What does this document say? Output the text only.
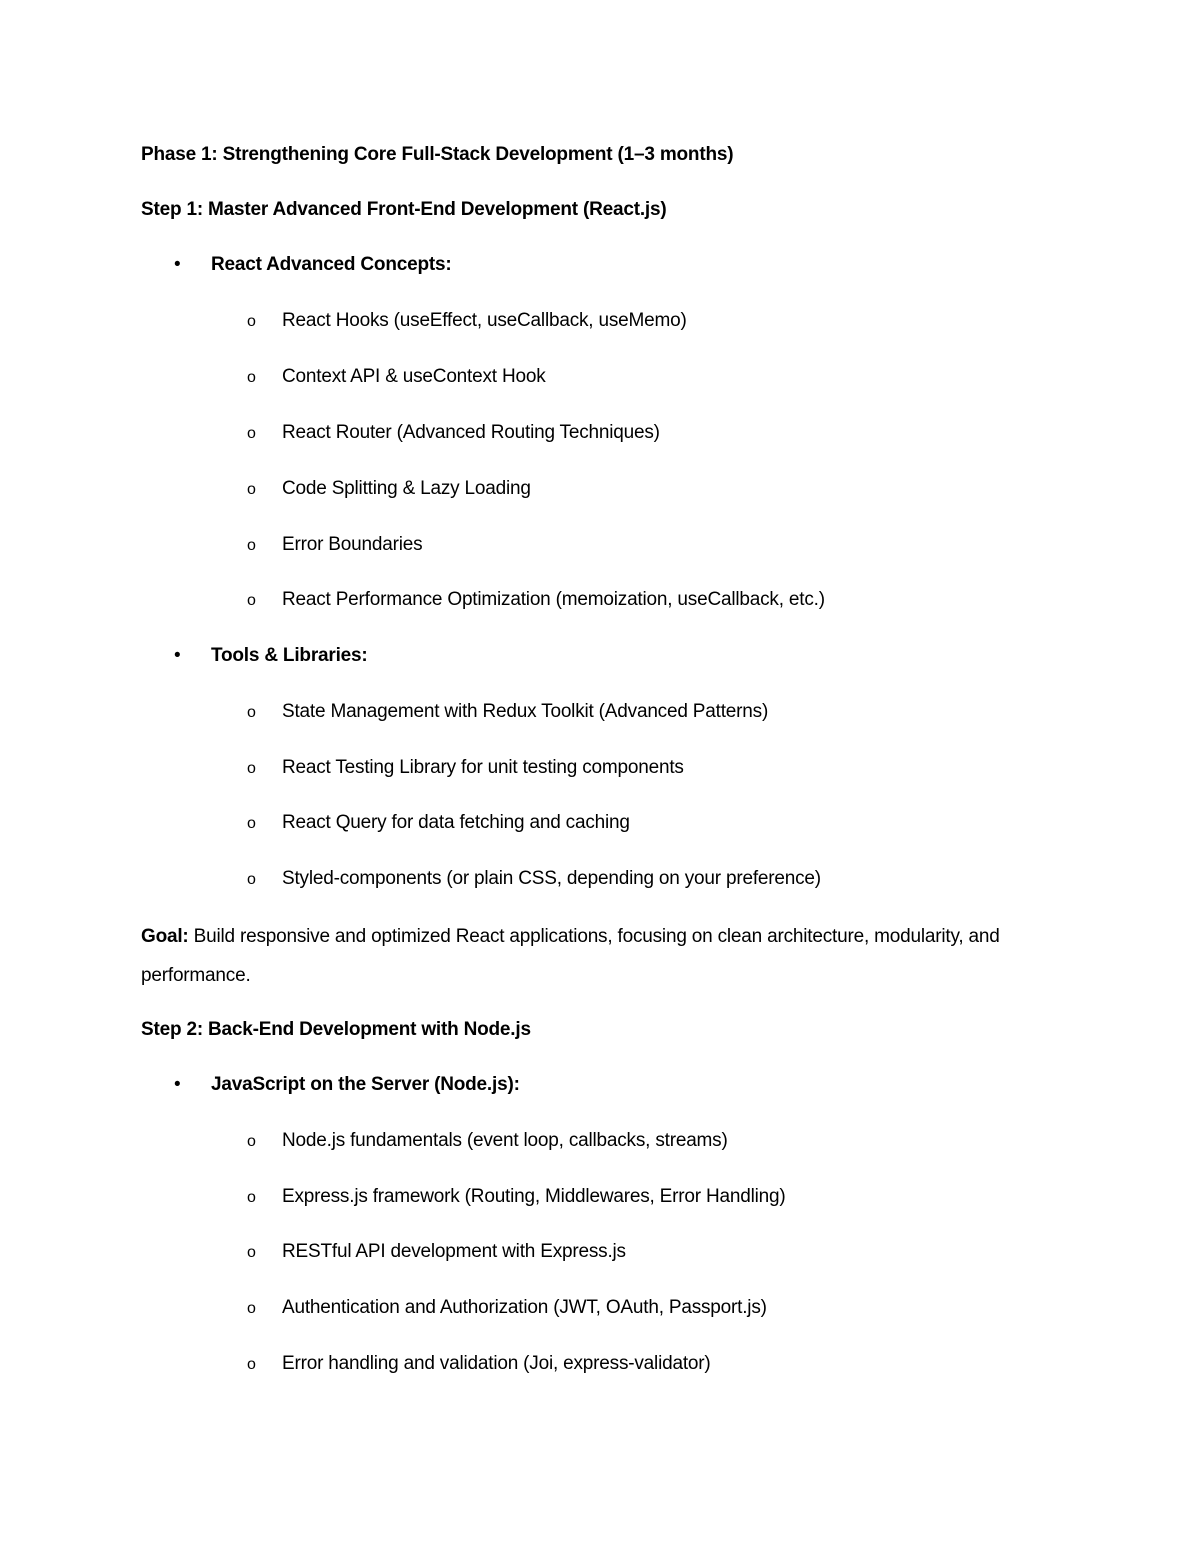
Phase 1: Strengthening Core Full-Stack Development (1–3 months)
Step 1: Master Advanced Front-End Development (React.js)
• React Advanced Concepts:
o React Hooks (useEffect, useCallback, useMemo)
o Context API & useContext Hook
o React Router (Advanced Routing Techniques)
o Code Splitting & Lazy Loading
o Error Boundaries
o React Performance Optimization (memoization, useCallback, etc.)
• Tools & Libraries:
o State Management with Redux Toolkit (Advanced Patterns)
o React Testing Library for unit testing components
o React Query for data fetching and caching
o Styled-components (or plain CSS, depending on your preference)
Goal: Build responsive and optimized React applications, focusing on clean architecture, modularity, and performance.
Step 2: Back-End Development with Node.js
• JavaScript on the Server (Node.js):
o Node.js fundamentals (event loop, callbacks, streams)
o Express.js framework (Routing, Middlewares, Error Handling)
o RESTful API development with Express.js
o Authentication and Authorization (JWT, OAuth, Passport.js)
o Error handling and validation (Joi, express-validator)
